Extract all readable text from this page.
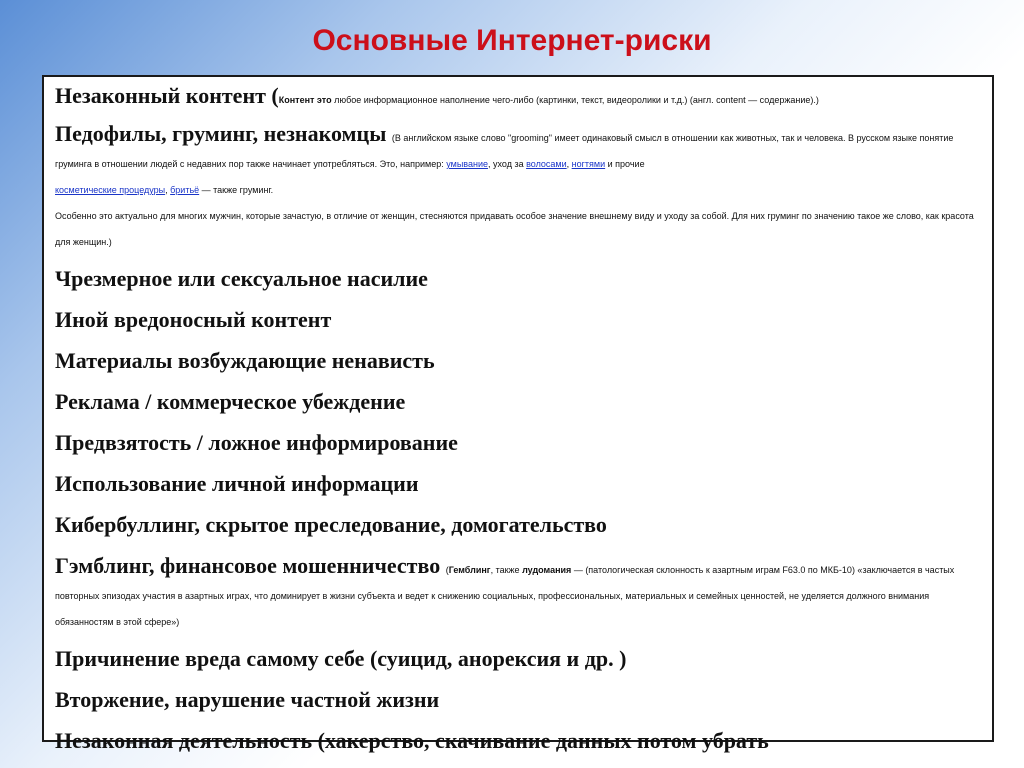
Основные Интернет-риски
Незаконный контент (Контент это любое информационное наполнение чего-либо (картинки, текст, видеоролики и т.д.) (англ. content — содержание).)
Педофилы, груминг, незнакомцы (В английском языке слово "grooming" имеет одинаковый смысл в отношении как животных, так и человека. В русском языке понятие груминга в отношении людей с недавних пор также начинает употребляться. Это, например: умывание, уход за волосами, ногтями и прочие
косметические процедуры, бритьё — также груминг.
Особенно это актуально для многих мужчин, которые зачастую, в отличие от женщин, стесняются придавать особое значение внешнему виду и уходу за собой. Для них груминг по значению такое же слово, как красота для женщин.)
Чрезмерное или сексуальное насилие
Иной вредоносный контент
Материалы возбуждающие ненависть
Реклама / коммерческое убеждение
Предвзятость / ложное информирование
Использование личной информации
Кибербуллинг, скрытое преследование, домогательство
Гэмблинг, финансовое мошенничество (Гемблинг, также лудомания — (патологическая склонность к азартным играм F63.0 по МКБ-10) «заключается в частых повторных эпизодах участия в азартных играх, что доминирует в жизни субъекта и ведет к снижению социальных, профессиональных, материальных и семейных ценностей, не уделяется должного внимания обязанностям в этой сфере»)
Причинение вреда самому себе (суицид, анорексия и др. )
Вторжение, нарушение частной жизни
Незаконная деятельность (хакерство, скачивание данных потом убрать
